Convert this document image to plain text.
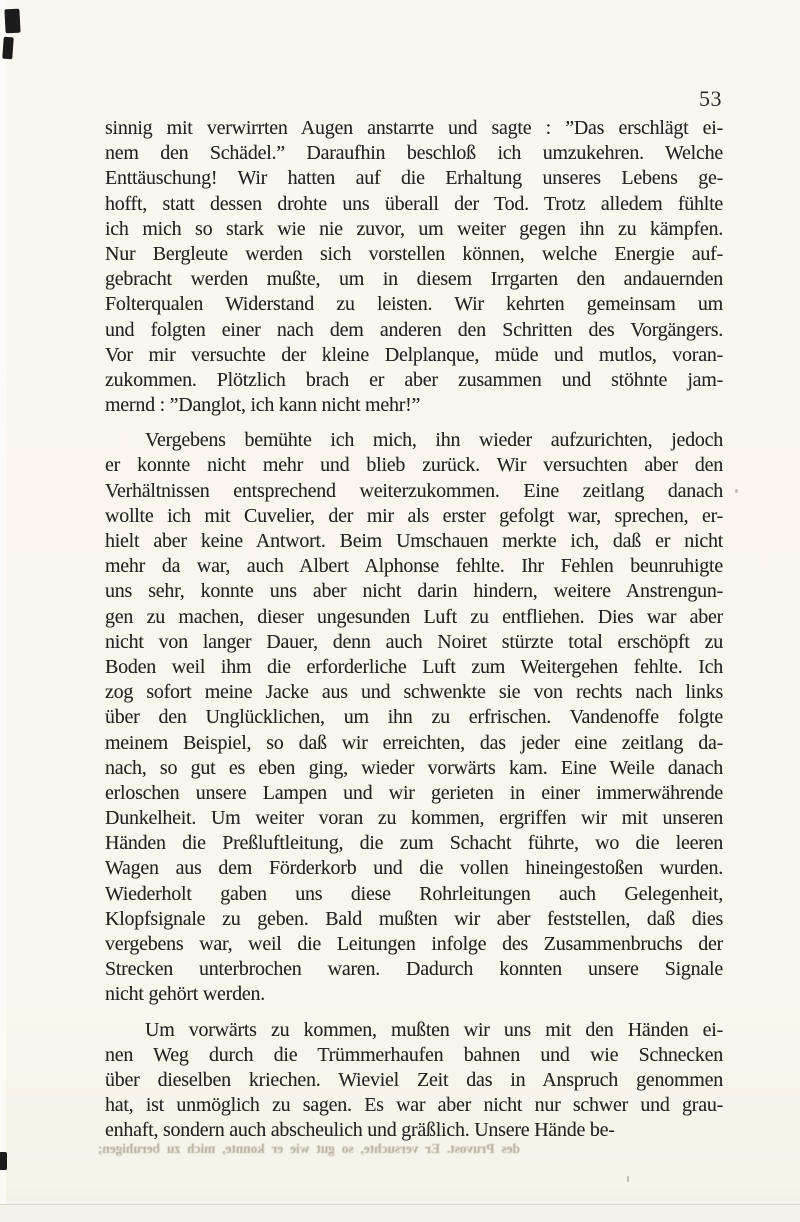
53
sinnig mit verwirrten Augen anstarrte und sagte : ”Das erschlägt ei-
nem den Schädel.” Daraufhin beschloß ich umzukehren. Welche
Enttäuschung! Wir hatten auf die Erhaltung unseres Lebens ge-
hofft, statt dessen drohte uns überall der Tod. Trotz alledem fühlte
ich mich so stark wie nie zuvor, um weiter gegen ihn zu kämpfen.
Nur Bergleute werden sich vorstellen können, welche Energie auf-
gebracht werden mußte, um in diesem Irrgarten den andauernden
Folterqualen Widerstand zu leisten. Wir kehrten gemeinsam um
und folgten einer nach dem anderen den Schritten des Vorgängers.
Vor mir versuchte der kleine Delplanque, müde und mutlos, voran-
zukommen. Plötzlich brach er aber zusammen und stöhnte jam-
mernd : ”Danglot, ich kann nicht mehr!”
Vergebens bemühte ich mich, ihn wieder aufzurichten, jedoch
er konnte nicht mehr und blieb zurück. Wir versuchten aber den
Verhältnissen entsprechend weiterzukommen. Eine zeitlang danach
wollte ich mit Cuvelier, der mir als erster gefolgt war, sprechen, er-
hielt aber keine Antwort. Beim Umschauen merkte ich, daß er nicht
mehr da war, auch Albert Alphonse fehlte. Ihr Fehlen beunruhigte
uns sehr, konnte uns aber nicht darin hindern, weitere Anstrengun-
gen zu machen, dieser ungesunden Luft zu entfliehen. Dies war aber
nicht von langer Dauer, denn auch Noiret stürzte total erschöpft zu
Boden weil ihm die erforderliche Luft zum Weitergehen fehlte. Ich
zog sofort meine Jacke aus und schwenkte sie von rechts nach links
über den Unglücklichen, um ihn zu erfrischen. Vandenoffe folgte
meinem Beispiel, so daß wir erreichten, das jeder eine zeitlang da-
nach, so gut es eben ging, wieder vorwärts kam. Eine Weile danach
erloschen unsere Lampen und wir gerieten in einer immerwährende
Dunkelheit. Um weiter voran zu kommen, ergriffen wir mit unseren
Händen die Preßluftleitung, die zum Schacht führte, wo die leeren
Wagen aus dem Förderkorb und die vollen hineingestoßen wurden.
Wiederholt gaben uns diese Rohrleitungen auch Gelegenheit,
Klopfsignale zu geben. Bald mußten wir aber feststellen, daß dies
vergebens war, weil die Leitungen infolge des Zusammenbruchs der
Strecken unterbrochen waren. Dadurch konnten unsere Signale
nicht gehört werden.
Um vorwärts zu kommen, mußten wir uns mit den Händen ei-
nen Weg durch die Trümmerhaufen bahnen und wie Schnecken
über dieselben kriechen. Wieviel Zeit das in Anspruch genommen
hat, ist unmöglich zu sagen. Es war aber nicht nur schwer und grau-
enhaft, sondern auch abscheulich und gräßlich. Unsere Hände be-
des Pruvost. Er versuchte, so gut wie er konnte, mich zu beruhigen;
